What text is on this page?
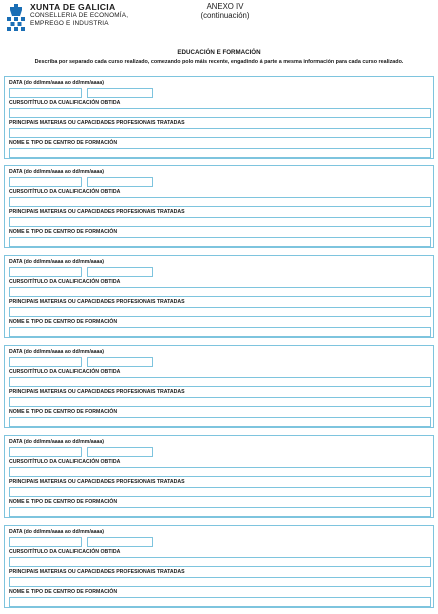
XUNTA DE GALICIA
CONSELLERIA DE ECONOMÍA,
EMPREGO E INDUSTRIA
ANEXO IV
(continuación)
EDUCACIÓN E FORMACIÓN
Describa por separado cada curso realizado, comezando polo máis recente, engadindo á parte a mesma información para cada curso realizado.
DATA (do dd/mm/aaaa ao dd/mm/aaaa)
CURSO/TÍTULO DA CUALIFICACIÓN OBTIDA
PRINCIPAIS MATERIAS OU CAPACIDADES PROFESIONAIS TRATADAS
NOME E TIPO DE CENTRO DE FORMACIÓN
DATA (do dd/mm/aaaa ao dd/mm/aaaa)
CURSO/TÍTULO DA CUALIFICACIÓN OBTIDA
PRINCIPAIS MATERIAS OU CAPACIDADES PROFESIONAIS TRATADAS
NOME E TIPO DE CENTRO DE FORMACIÓN
DATA (do dd/mm/aaaa ao dd/mm/aaaa)
CURSO/TÍTULO DA CUALIFICACIÓN OBTIDA
PRINCIPAIS MATERIAS OU CAPACIDADES PROFESIONAIS TRATADAS
NOME E TIPO DE CENTRO DE FORMACIÓN
DATA (do dd/mm/aaaa ao dd/mm/aaaa)
CURSO/TÍTULO DA CUALIFICACIÓN OBTIDA
PRINCIPAIS MATERIAS OU CAPACIDADES PROFESIONAIS TRATADAS
NOME E TIPO DE CENTRO DE FORMACIÓN
DATA (do dd/mm/aaaa ao dd/mm/aaaa)
CURSO/TÍTULO DA CUALIFICACIÓN OBTIDA
PRINCIPAIS MATERIAS OU CAPACIDADES PROFESIONAIS TRATADAS
NOME E TIPO DE CENTRO DE FORMACIÓN
DATA (do dd/mm/aaaa ao dd/mm/aaaa)
CURSO/TÍTULO DA CUALIFICACIÓN OBTIDA
PRINCIPAIS MATERIAS OU CAPACIDADES PROFESIONAIS TRATADAS
NOME E TIPO DE CENTRO DE FORMACIÓN
